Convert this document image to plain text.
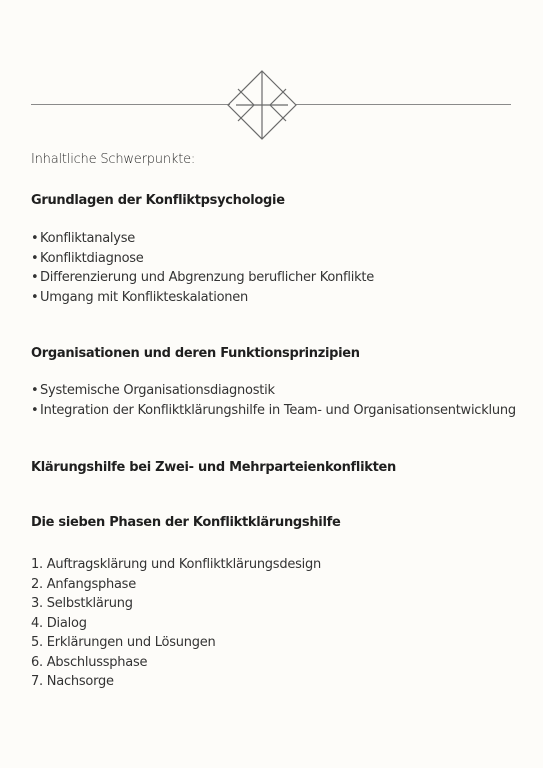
Inhaltliche Schwerpunkte:
Grundlagen der Konfliktpsychologie
• Konfliktanalyse
• Konfliktdiagnose
• Differenzierung und Abgrenzung beruflicher Konflikte
• Umgang mit Konflikteskalationen
Organisationen und deren Funktionsprinzipien
• Systemische Organisationsdiagnostik
• Integration der Konfliktklärungshilfe in Team- und Organisationsentwicklung
Klärungshilfe bei Zwei- und Mehrparteienkonflikten
Die sieben Phasen der Konfliktklärungshilfe
1. Auftragsklärung und Konfliktklärungsdesign
2. Anfangsphase
3. Selbstklärung
4. Dialog
5. Erklärungen und Lösungen
6. Abschlussphase
7. Nachsorge
